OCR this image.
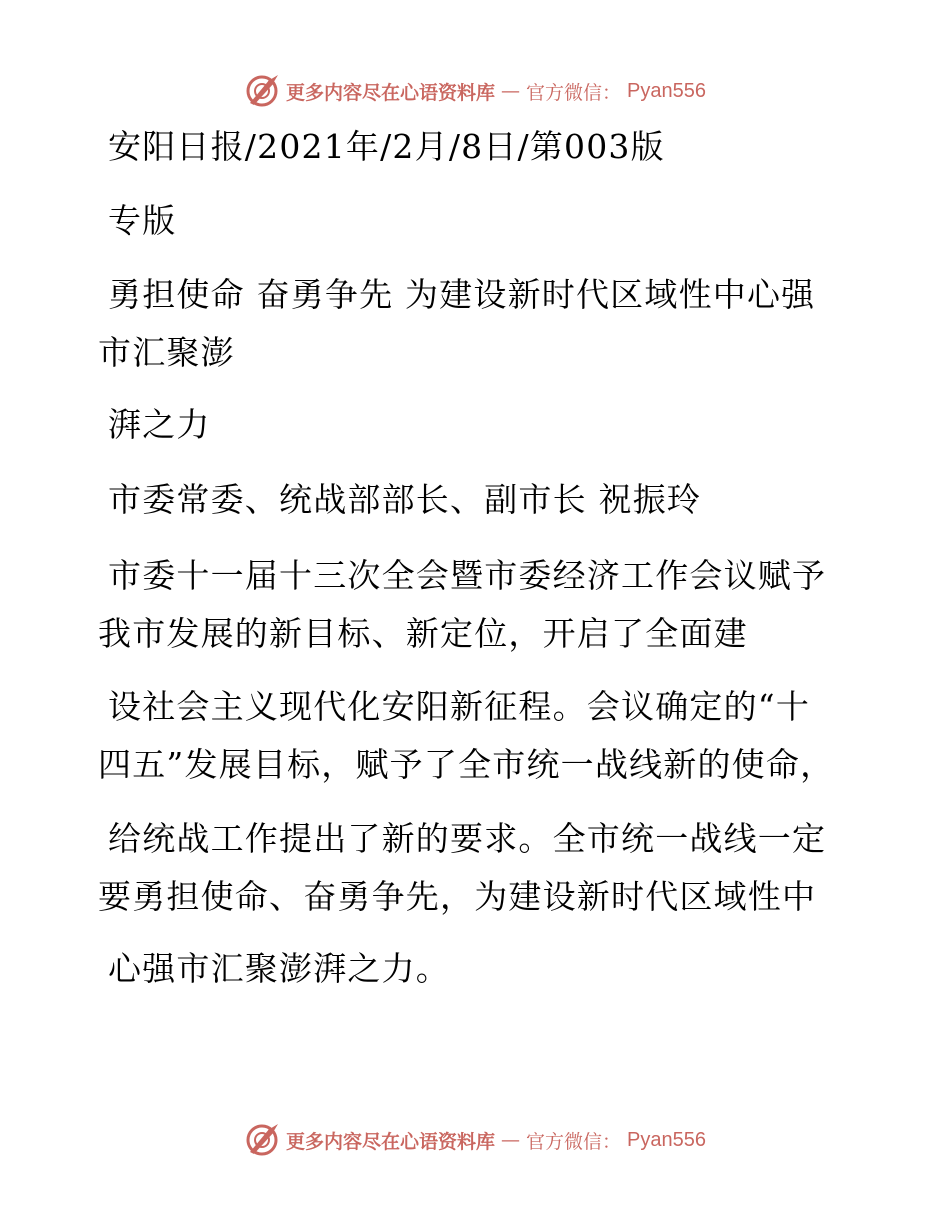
更多内容尽在心语资料库 — 官方微信： Pyan556
安阳日报/2021年/2月/8日/第003版
专版
勇担使命 奋勇争先 为建设新时代区域性中心强
市汇聚澎
湃之力
市委常委、统战部部长、副市长 祝振玲
市委十一届十三次全会暨市委经济工作会议赋予
我市发展的新目标、新定位，开启了全面建
设社会主义现代化安阳新征程。会议确定的“十
四五”发展目标，赋予了全市统一战线新的使命，
给统战工作提出了新的要求。全市统一战线一定
要勇担使命、奋勇争先，为建设新时代区域性中
心强市汇聚澎湃之力。
更多内容尽在心语资料库 — 官方微信： Pyan556
